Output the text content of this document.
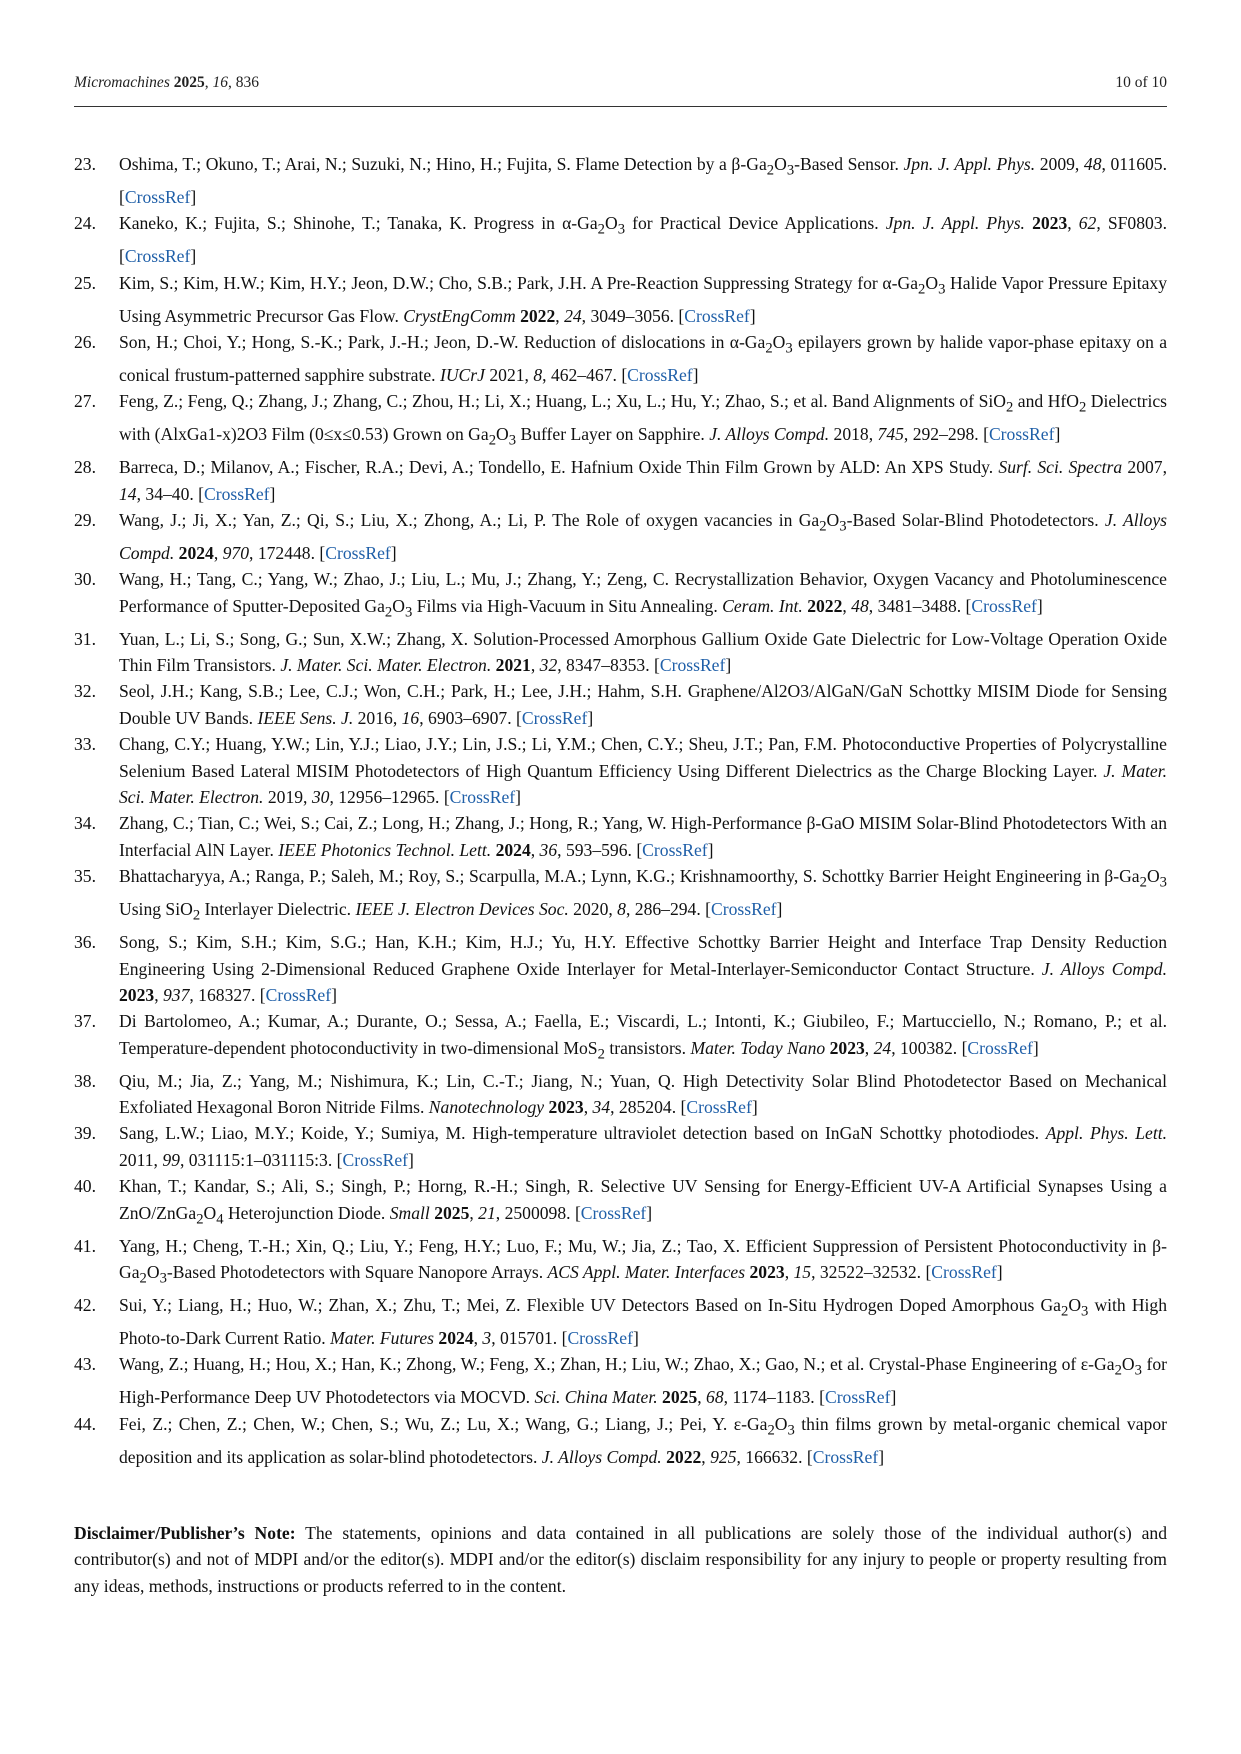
Micromachines 2025, 16, 836	10 of 10
23. Oshima, T.; Okuno, T.; Arai, N.; Suzuki, N.; Hino, H.; Fujita, S. Flame Detection by a $\beta-Ga_2O_3$-Based Sensor. Jpn. J. Appl. Phys. 2009, 48, 011605. [CrossRef]
24. Kaneko, K.; Fujita, S.; Shinohe, T.; Tanaka, K. Progress in $\alpha-Ga_2O_3$ for Practical Device Applications. Jpn. J. Appl. Phys. 2023, 62, SF0803. [CrossRef]
25. Kim, S.; Kim, H.W.; Kim, H.Y.; Jeon, D.W.; Cho, S.B.; Park, J.H. A Pre-Reaction Suppressing Strategy for $\alpha-Ga_2O_3$ Halide Vapor Pressure Epitaxy Using Asymmetric Precursor Gas Flow. CrystEngComm 2022, 24, 3049–3056. [CrossRef]
26. Son, H.; Choi, Y.; Hong, S.-K.; Park, J.-H.; Jeon, D.-W. Reduction of dislocations in $\alpha-Ga_2O_3$ epilayers grown by halide vapor-phase epitaxy on a conical frustum-patterned sapphire substrate. IUCrJ 2021, 8, 462–467. [CrossRef]
27. Feng, Z.; Feng, Q.; Zhang, J.; Zhang, C.; Zhou, H.; Li, X.; Huang, L.; Xu, L.; Hu, Y.; Zhao, S.; et al. Band Alignments of SiO$_2$ and HfO$_2$ Dielectrics with (AlxGa1-x)2O3 Film (0≤x≤0.53) Grown on $Ga_2O_3$ Buffer Layer on Sapphire. J. Alloys Compd. 2018, 745, 292–298. [CrossRef]
28. Barreca, D.; Milanov, A.; Fischer, R.A.; Devi, A.; Tondello, E. Hafnium Oxide Thin Film Grown by ALD: An XPS Study. Surf. Sci. Spectra 2007, 14, 34–40. [CrossRef]
29. Wang, J.; Ji, X.; Yan, Z.; Qi, S.; Liu, X.; Zhong, A.; Li, P. The Role of oxygen vacancies in $Ga_2O_3$-Based Solar-Blind Photodetectors. J. Alloys Compd. 2024, 970, 172448. [CrossRef]
30. Wang, H.; Tang, C.; Yang, W.; Zhao, J.; Liu, L.; Mu, J.; Zhang, Y.; Zeng, C. Recrystallization Behavior, Oxygen Vacancy and Photoluminescence Performance of Sputter-Deposited $Ga_2O_3$ Films via High-Vacuum in Situ Annealing. Ceram. Int. 2022, 48, 3481–3488. [CrossRef]
31. Yuan, L.; Li, S.; Song, G.; Sun, X.W.; Zhang, X. Solution-Processed Amorphous Gallium Oxide Gate Dielectric for Low-Voltage Operation Oxide Thin Film Transistors. J. Mater. Sci. Mater. Electron. 2021, 32, 8347–8353. [CrossRef]
32. Seol, J.H.; Kang, S.B.; Lee, C.J.; Won, C.H.; Park, H.; Lee, J.H.; Hahm, S.H. Graphene/Al2O3/AlGaN/GaN Schottky MISIM Diode for Sensing Double UV Bands. IEEE Sens. J. 2016, 16, 6903–6907. [CrossRef]
33. Chang, C.Y.; Huang, Y.W.; Lin, Y.J.; Liao, J.Y.; Lin, J.S.; Li, Y.M.; Chen, C.Y.; Sheu, J.T.; Pan, F.M. Photoconductive Properties of Polycrystalline Selenium Based Lateral MISIM Photodetectors of High Quantum Efficiency Using Different Dielectrics as the Charge Blocking Layer. J. Mater. Sci. Mater. Electron. 2019, 30, 12956–12965. [CrossRef]
34. Zhang, C.; Tian, C.; Wei, S.; Cai, Z.; Long, H.; Zhang, J.; Hong, R.; Yang, W. High-Performance β-GaO MISIM Solar-Blind Photodetectors With an Interfacial AlN Layer. IEEE Photonics Technol. Lett. 2024, 36, 593–596. [CrossRef]
35. Bhattacharyya, A.; Ranga, P.; Saleh, M.; Roy, S.; Scarpulla, M.A.; Lynn, K.G.; Krishnamoorthy, S. Schottky Barrier Height Engineering in $\beta-Ga_2O_3$ Using SiO$_2$ Interlayer Dielectric. IEEE J. Electron Devices Soc. 2020, 8, 286–294. [CrossRef]
36. Song, S.; Kim, S.H.; Kim, S.G.; Han, K.H.; Kim, H.J.; Yu, H.Y. Effective Schottky Barrier Height and Interface Trap Density Reduction Engineering Using 2-Dimensional Reduced Graphene Oxide Interlayer for Metal-Interlayer-Semiconductor Contact Structure. J. Alloys Compd. 2023, 937, 168327. [CrossRef]
37. Di Bartolomeo, A.; Kumar, A.; Durante, O.; Sessa, A.; Faella, E.; Viscardi, L.; Intonti, K.; Giubileo, F.; Martucciello, N.; Romano, P.; et al. Temperature-dependent photoconductivity in two-dimensional MoS$_2$ transistors. Mater. Today Nano 2023, 24, 100382. [CrossRef]
38. Qiu, M.; Jia, Z.; Yang, M.; Nishimura, K.; Lin, C.-T.; Jiang, N.; Yuan, Q. High Detectivity Solar Blind Photodetector Based on Mechanical Exfoliated Hexagonal Boron Nitride Films. Nanotechnology 2023, 34, 285204. [CrossRef]
39. Sang, L.W.; Liao, M.Y.; Koide, Y.; Sumiya, M. High-temperature ultraviolet detection based on InGaN Schottky photodiodes. Appl. Phys. Lett. 2011, 99, 031115:1–031115:3. [CrossRef]
40. Khan, T.; Kandar, S.; Ali, S.; Singh, P.; Horng, R.-H.; Singh, R. Selective UV Sensing for Energy-Efficient UV-A Artificial Synapses Using a ZnO/$ZnGa_2O_4$ Heterojunction Diode. Small 2025, 21, 2500098. [CrossRef]
41. Yang, H.; Cheng, T.-H.; Xin, Q.; Liu, Y.; Feng, H.Y.; Luo, F.; Mu, W.; Jia, Z.; Tao, X. Efficient Suppression of Persistent Photoconductivity in $\beta-Ga_2O_3$-Based Photodetectors with Square Nanopore Arrays. ACS Appl. Mater. Interfaces 2023, 15, 32522–32532. [CrossRef]
42. Sui, Y.; Liang, H.; Huo, W.; Zhan, X.; Zhu, T.; Mei, Z. Flexible UV Detectors Based on In-Situ Hydrogen Doped Amorphous $Ga_2O_3$ with High Photo-to-Dark Current Ratio. Mater. Futures 2024, 3, 015701. [CrossRef]
43. Wang, Z.; Huang, H.; Hou, X.; Han, K.; Zhong, W.; Feng, X.; Zhan, H.; Liu, W.; Zhao, X.; Gao, N.; et al. Crystal-Phase Engineering of $\varepsilon-Ga_2O_3$ for High-Performance Deep UV Photodetectors via MOCVD. Sci. China Mater. 2025, 68, 1174–1183. [CrossRef]
44. Fei, Z.; Chen, Z.; Chen, W.; Chen, S.; Wu, Z.; Lu, X.; Wang, G.; Liang, J.; Pei, Y. $\varepsilon-Ga_2O_3$ thin films grown by metal-organic chemical vapor deposition and its application as solar-blind photodetectors. J. Alloys Compd. 2022, 925, 166632. [CrossRef]
Disclaimer/Publisher’s Note: The statements, opinions and data contained in all publications are solely those of the individual author(s) and contributor(s) and not of MDPI and/or the editor(s). MDPI and/or the editor(s) disclaim responsibility for any injury to people or property resulting from any ideas, methods, instructions or products referred to in the content.
